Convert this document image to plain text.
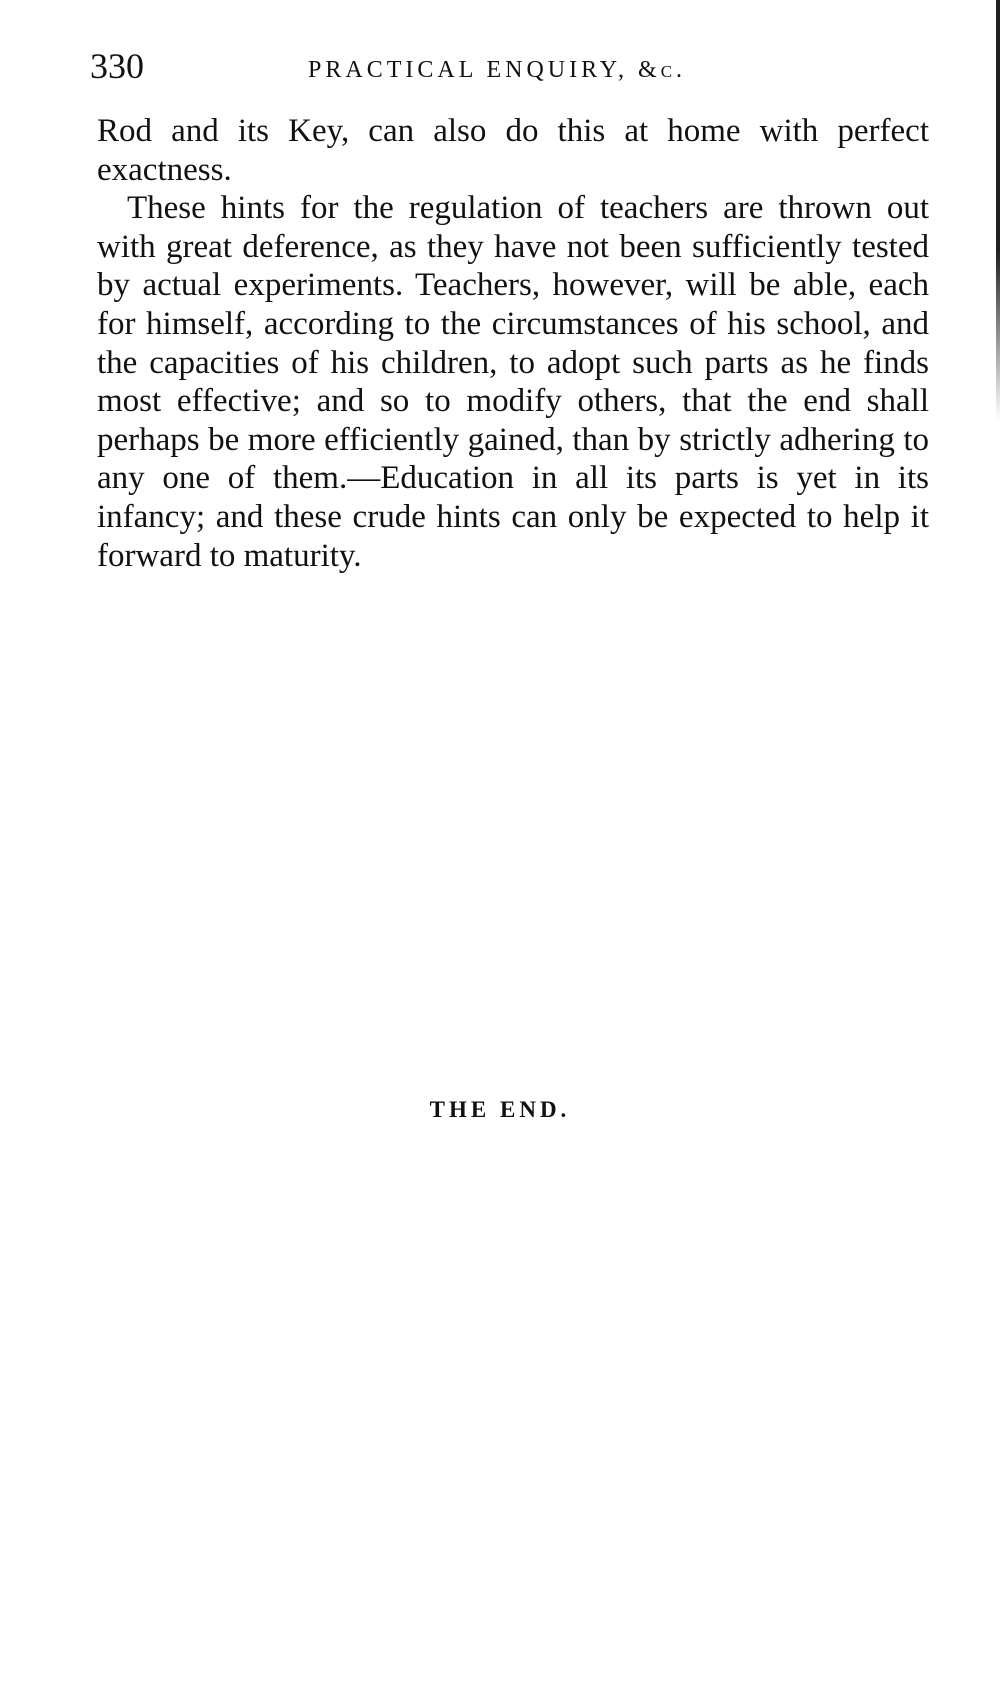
330	PRACTICAL ENQUIRY, &c.

Rod and its Key, can also do this at home with perfect exactness.

These hints for the regulation of teachers are thrown out with great deference, as they have not been sufficiently tested by actual experiments. Teachers, however, will be able, each for himself, according to the circumstances of his school, and the capacities of his children, to adopt such parts as he finds most effective; and so to modify others, that the end shall perhaps be more efficiently gained, than by strictly adhering to any one of them.—Education in all its parts is yet in its infancy; and these crude hints can only be expected to help it forward to maturity.

THE END.
